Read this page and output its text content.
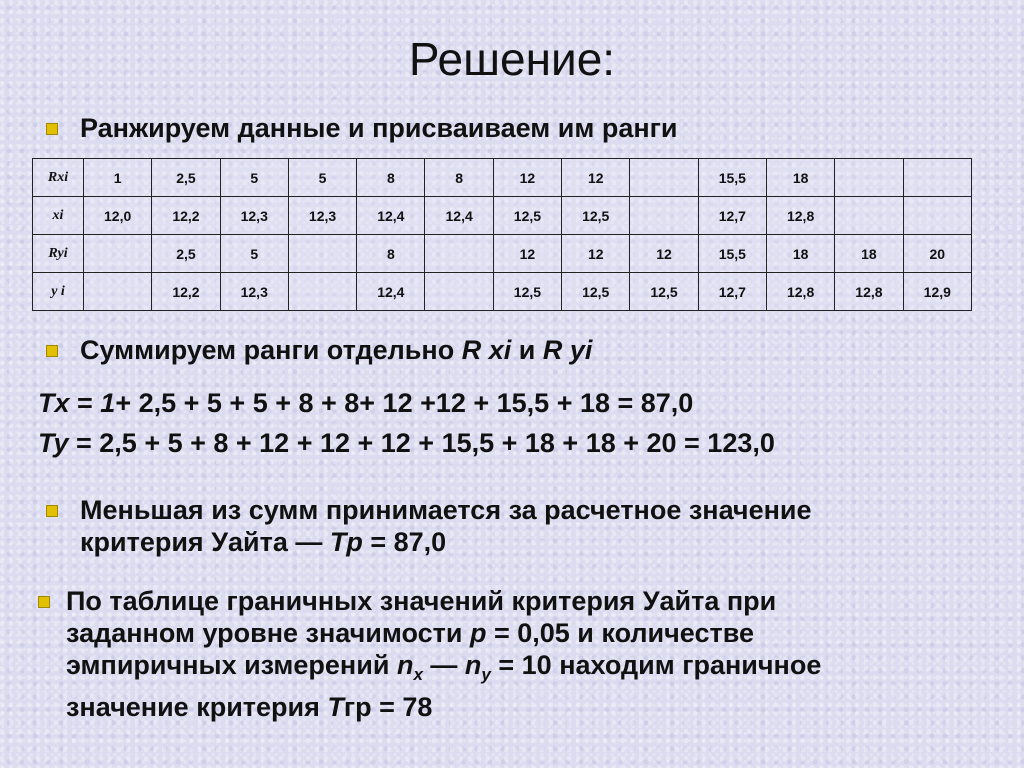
Решение:
Ранжируем данные и присваиваем им ранги
Rxi	1	2,5	5	5	8	8	12	12		15,5	18		
xi	12,0	12,2	12,3	12,3	12,4	12,4	12,5	12,5		12,7	12,8		
Ryi		2,5	5		8		12	12	12	15,5	18	18	20
y i		12,2	12,3		12,4		12,5	12,5	12,5	12,7	12,8	12,8	12,9
Суммируем ранги отдельно R xi и R yi
Tx = 1+ 2,5 + 5 + 5 + 8 + 8+ 12 +12 + 15,5 + 18 = 87,0
Ty = 2,5 + 5 + 8 + 12 + 12 + 12 + 15,5 + 18 + 18 + 20 = 123,0
Меньшая из сумм принимается за расчетное значение
критерия Уайта — Tp = 87,0
По таблице граничных значений критерия Уайта при
заданном уровне значимости p = 0,05 и количестве
эмпиричных измерений $n_x$ — $n_y = 10$ находим граничное
значение критерия Tгр = 78
